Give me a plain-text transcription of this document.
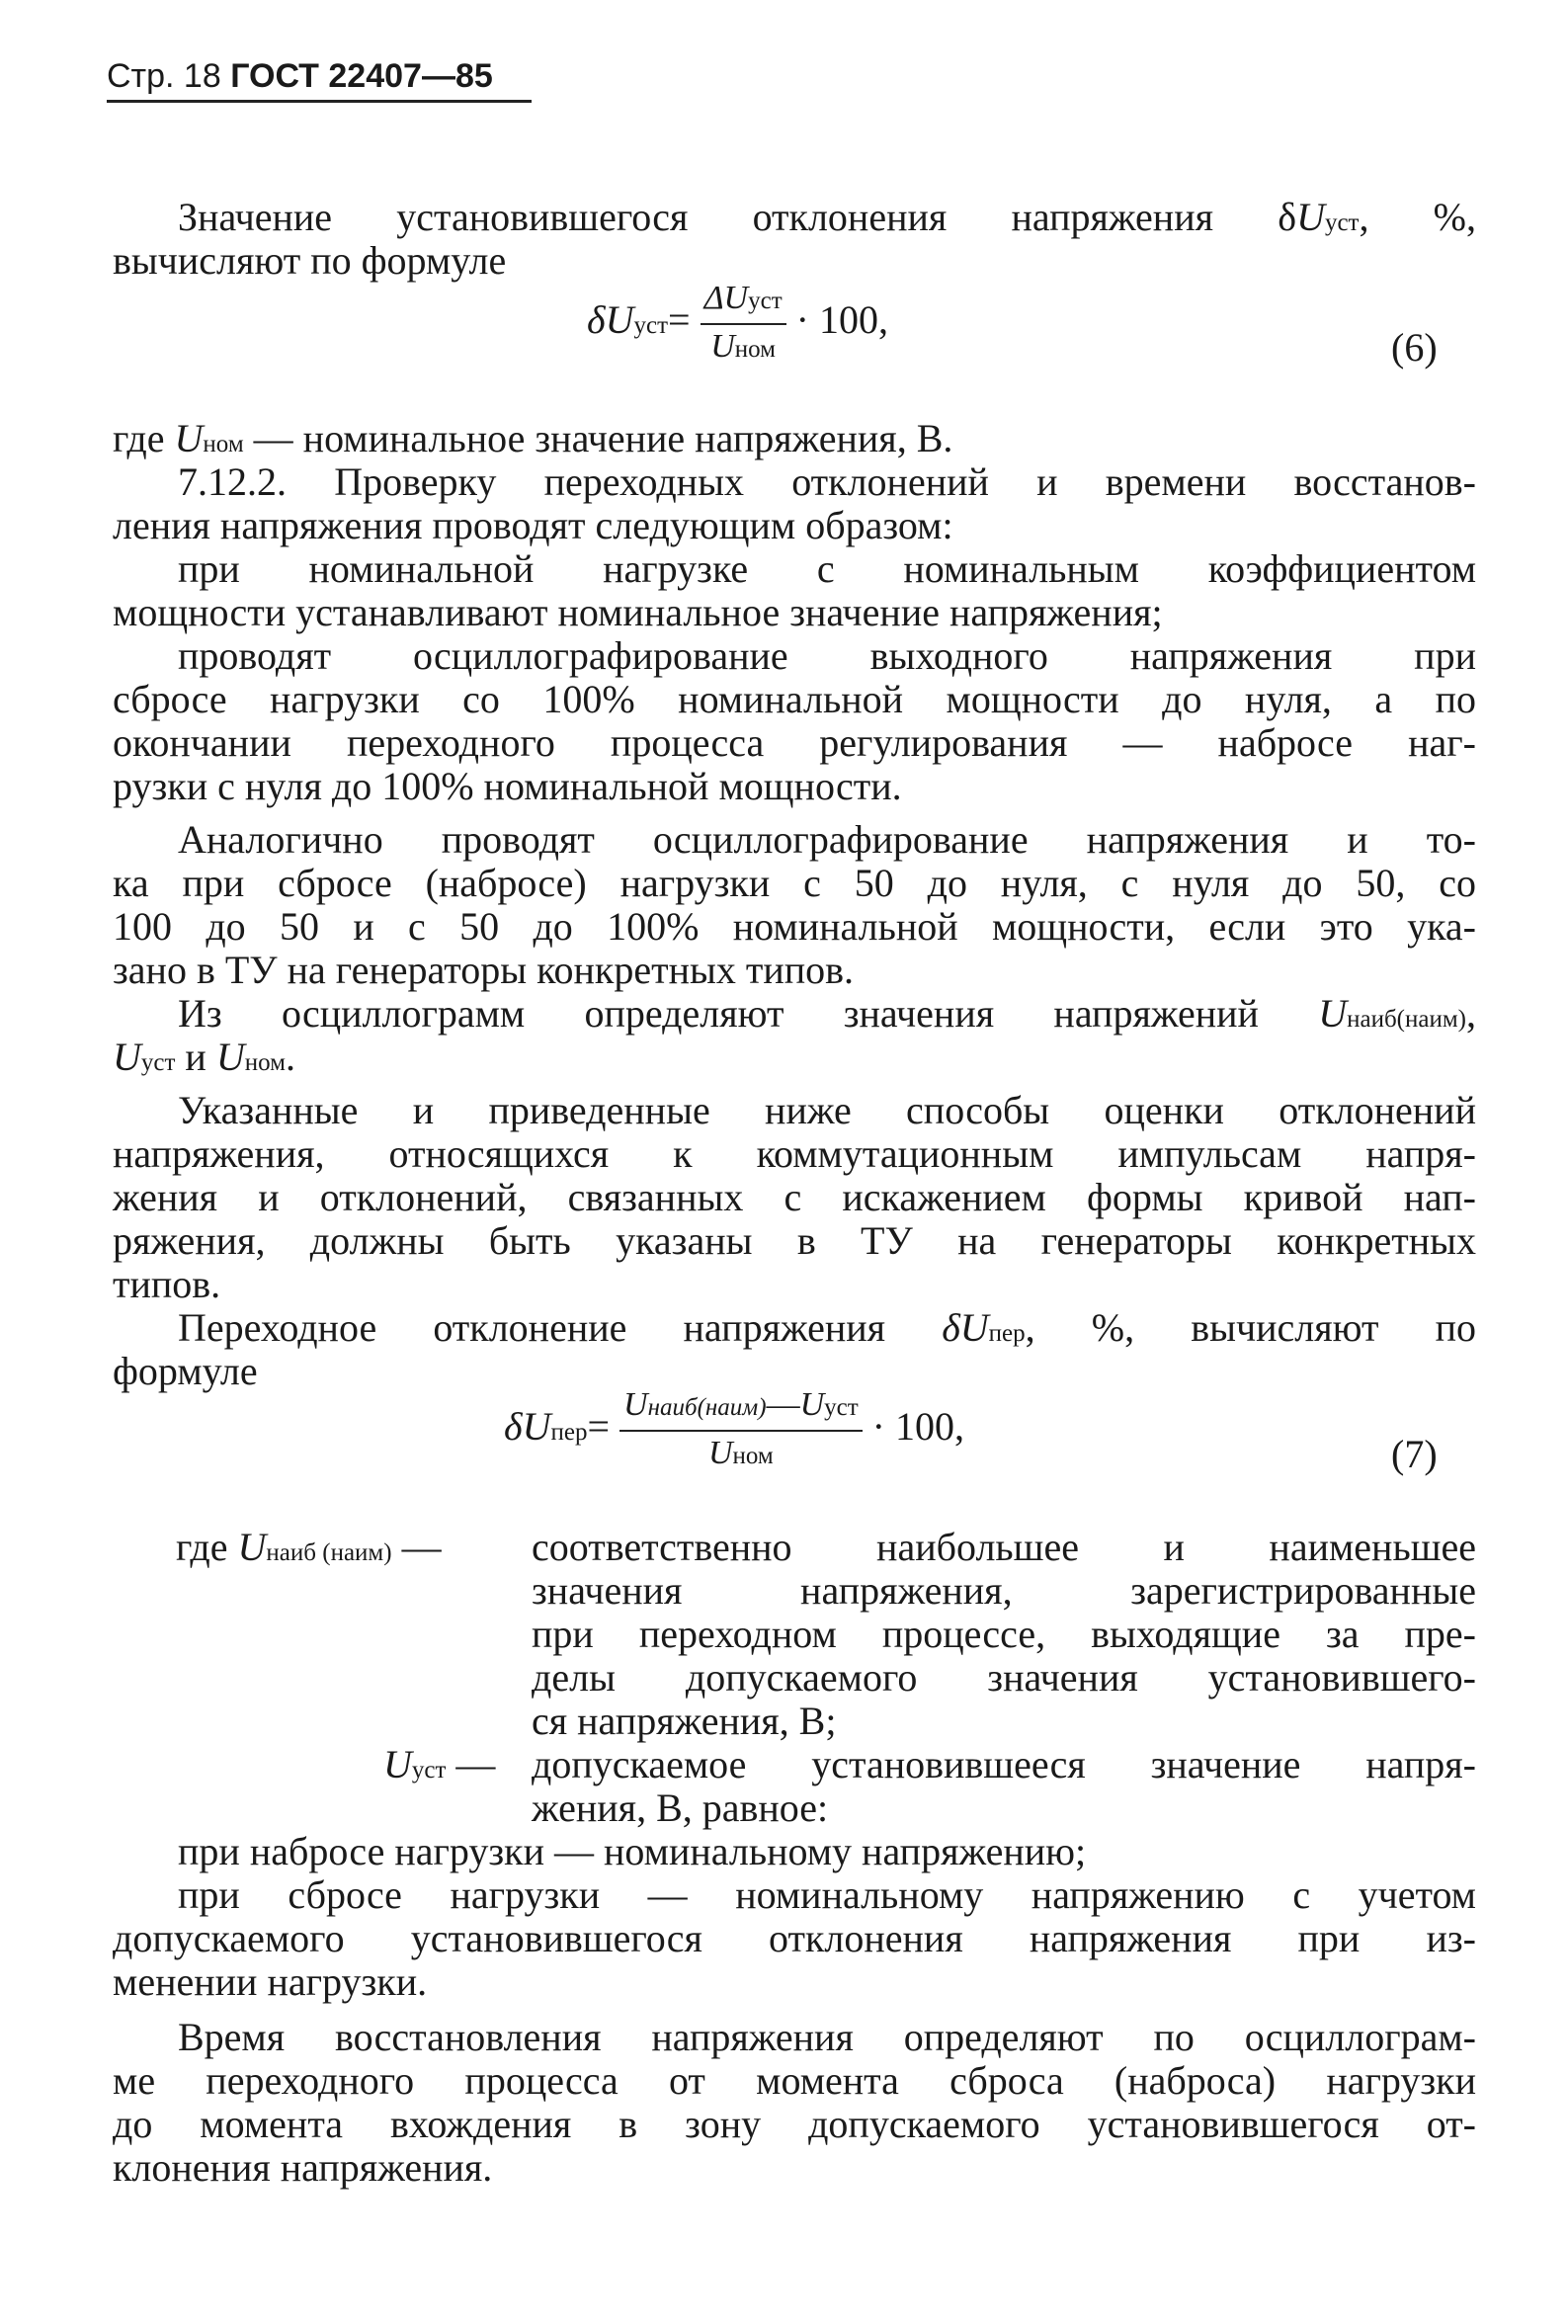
Стр. 18 ГОСТ 22407—85
Значение установившегося отклонения напряжения δUуст, %,
вычисляют по формуле
δUуст= $\frac{\text{ΔUуст}}{\text{Uном}} \cdot 100$,
(6)
где Uном — номинальное значение напряжения, В.
7.12.2. Проверку переходных отклонений и времени восстанов-
ления напряжения проводят следующим образом:
при номинальной нагрузке с номинальным коэффициентом
мощности устанавливают номинальное значение напряжения;
проводят осциллографирование выходного напряжения при
сбросе нагрузки со 100% номинальной мощности до нуля, а по
окончании переходного процесса регулирования — набросе наг-
рузки с нуля до 100% номинальной мощности.
Аналогично проводят осциллографирование напряжения и то-
ка при сбросе (набросе) нагрузки с 50 до нуля, с нуля до 50, со
100 до 50 и с 50 до 100% номинальной мощности, если это ука-
зано в ТУ на генераторы конкретных типов.
Из осциллограмм определяют значения напряжений Uнаиб(наим),
Uуст и Uном.
Указанные и приведенные ниже способы оценки отклонений
напряжения, относящихся к коммутационным импульсам напря-
жения и отклонений, связанных с искажением формы кривой нап-
ряжения, должны быть указаны в ТУ на генераторы конкретных
типов.
Переходное отклонение напряжения δUпер, %, вычисляют по
формуле
δUпер= $\frac{\text{Uнаиб(наим)—Uуст}}{\text{Uном}} \cdot 100$,
(7)
где Uнаиб (наим) — соответственно наибольшее и наименьшее
значения напряжения, зарегистрированные
при переходном процессе, выходящие за пре-
делы допускаемого значения установившего-
ся напряжения, В;
Uуст — допускаемое установившееся значение напря-
жения, В, равное:
при набросе нагрузки — номинальному напряжению;
при сбросе нагрузки — номинальному напряжению с учетом
допускаемого установившегося отклонения напряжения при из-
менении нагрузки.
Время восстановления напряжения определяют по осциллограм-
ме переходного процесса от момента сброса (наброса) нагрузки
до момента вхождения в зону допускаемого установившегося от-
клонения напряжения.
